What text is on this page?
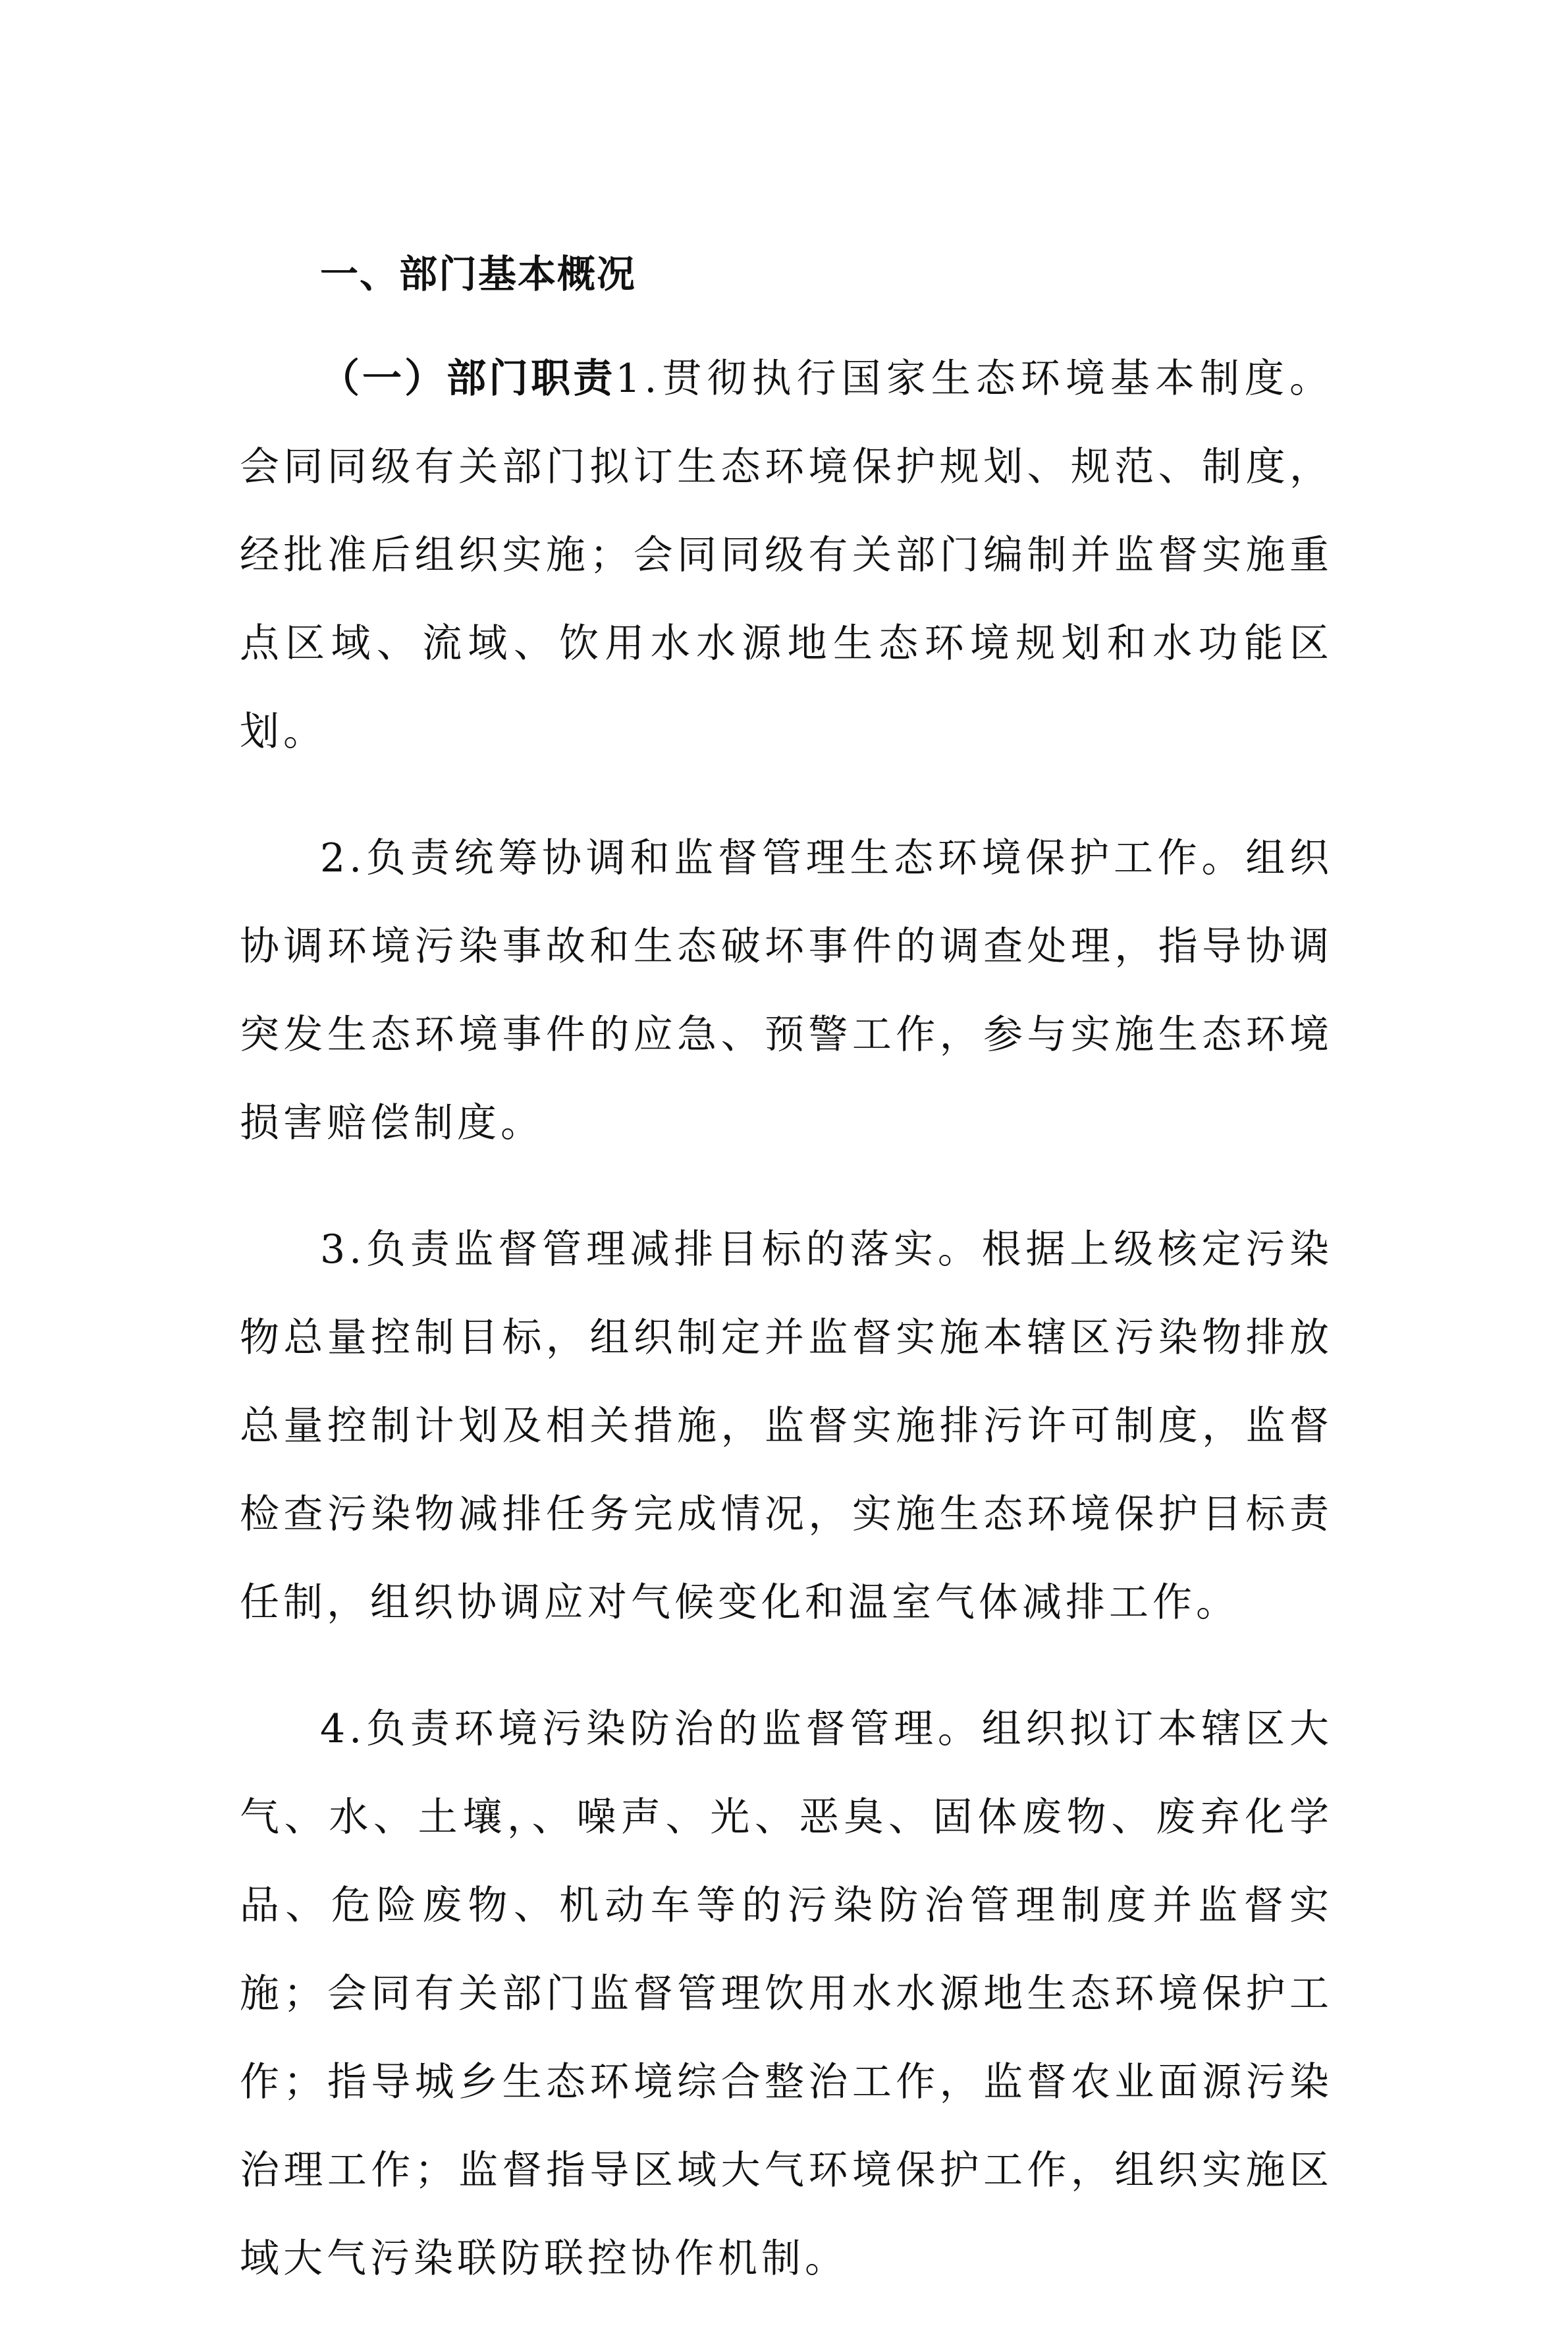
一、部门基本概况

（一）部门职责1.贯彻执行国家生态环境基本制度。会同同级有关部门拟订生态环境保护规划、规范、制度，经批准后组织实施；会同同级有关部门编制并监督实施重点区域、流域、饮用水水源地生态环境规划和水功能区划。

2.负责统筹协调和监督管理生态环境保护工作。组织协调环境污染事故和生态破坏事件的调查处理，指导协调突发生态环境事件的应急、预警工作，参与实施生态环境损害赔偿制度。

3.负责监督管理减排目标的落实。根据上级核定污染物总量控制目标，组织制定并监督实施本辖区污染物排放总量控制计划及相关措施，监督实施排污许可制度，监督检查污染物减排任务完成情况，实施生态环境保护目标责任制，组织协调应对气候变化和温室气体减排工作。

4.负责环境污染防治的监督管理。组织拟订本辖区大气、水、土壤，、噪声、光、恶臭、固体废物、废弃化学品、危险废物、机动车等的污染防治管理制度并监督实施；会同有关部门监督管理饮用水水源地生态环境保护工作；指导城乡生态环境综合整治工作，监督农业面源污染治理工作；监督指导区域大气环境保护工作，组织实施区域大气污染联防联控协作机制。
